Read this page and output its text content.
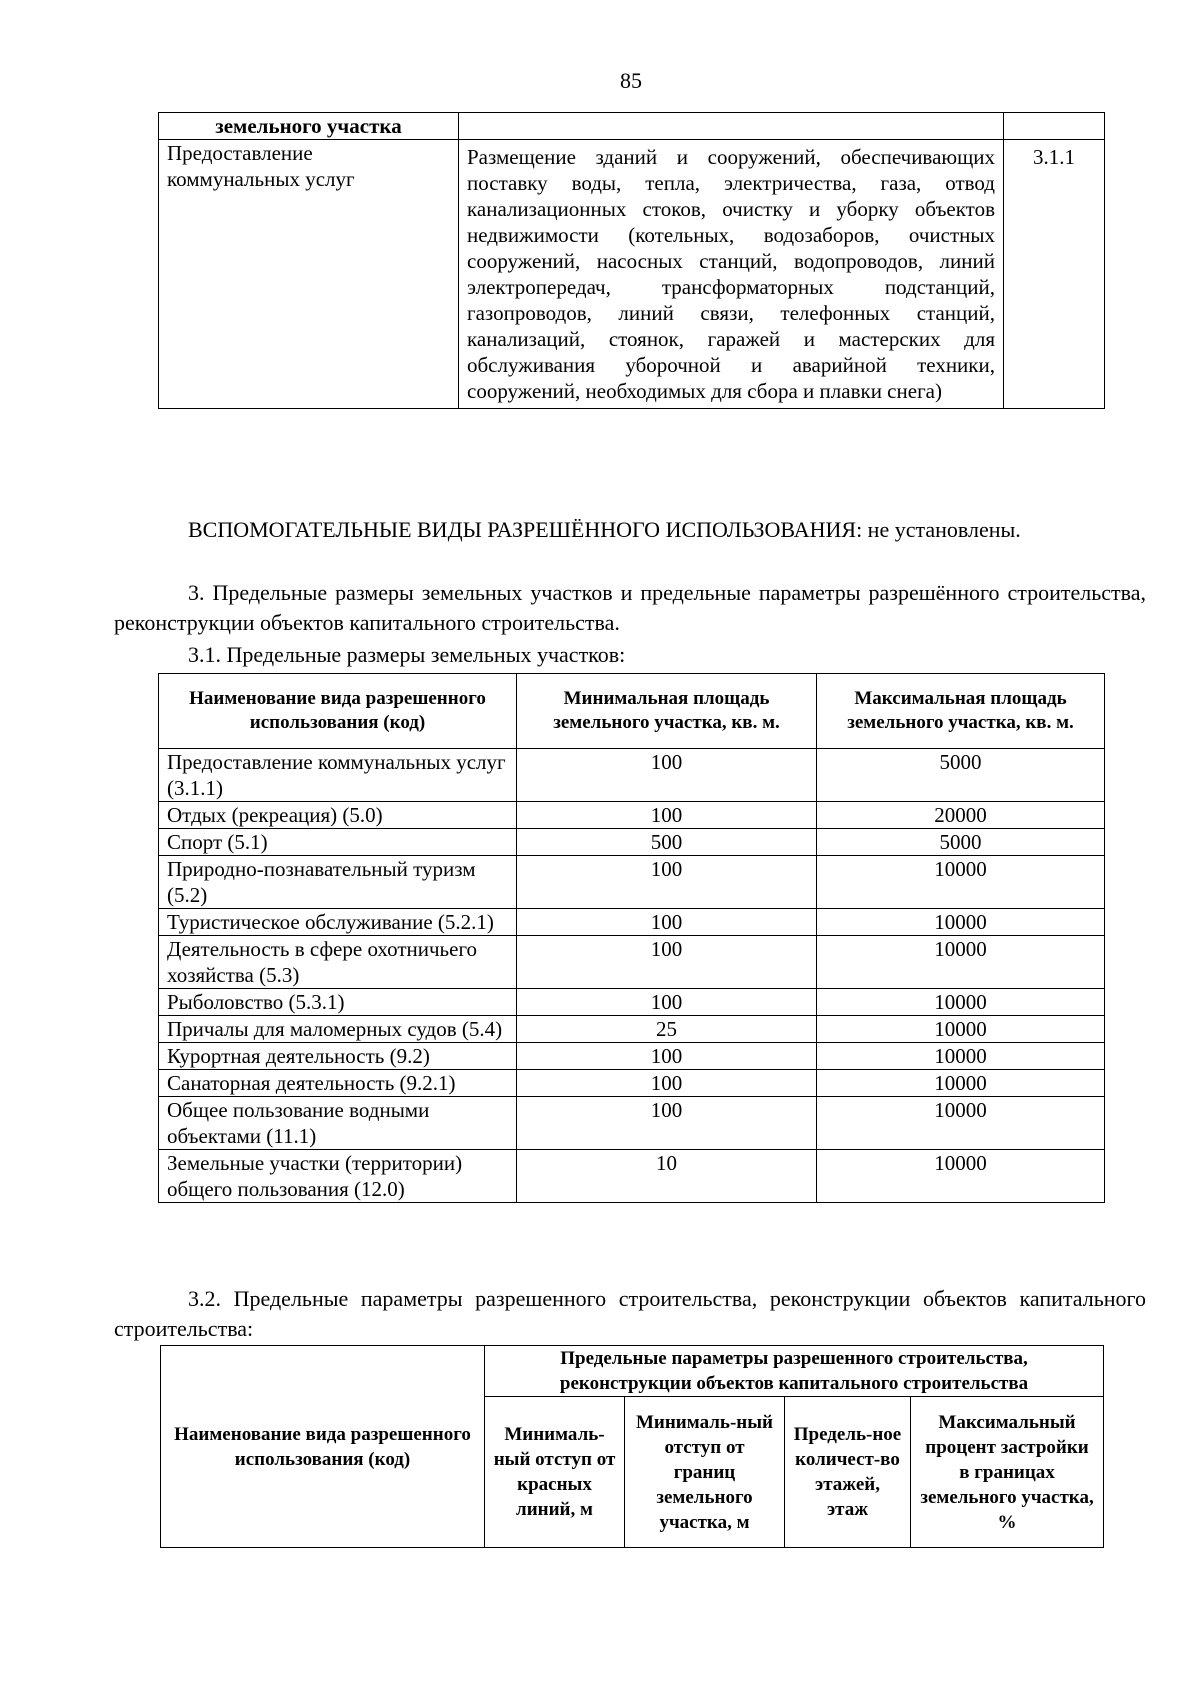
85
земельного участка		
Предоставление коммунальных услуг	Размещение зданий и сооружений, обеспечивающих поставку воды, тепла, электричества, газа, отвод канализационных стоков, очистку и уборку объектов недвижимости (котельных, водозаборов, очистных сооружений, насосных станций, водопроводов, линий электропередач, трансформаторных подстанций, газопроводов, линий связи, телефонных станций, канализаций, стоянок, гаражей и мастерских для обслуживания уборочной и аварийной техники, сооружений, необходимых для сбора и плавки снега)	3.1.1

ВСПОМОГАТЕЛЬНЫЕ ВИДЫ РАЗРЕШЁННОГО ИСПОЛЬЗОВАНИЯ: не установлены.

3. Предельные размеры земельных участков и предельные параметры разрешённого строительства, реконструкции объектов капитального строительства.

3.1. Предельные размеры земельных участков:

Наименование вида разрешенного использования (код)	Минимальная площадь земельного участка, кв. м.	Максимальная площадь земельного участка, кв. м.
Предоставление коммунальных услуг (3.1.1)	100	5000
Отдых (рекреация) (5.0)	100	20000
Спорт (5.1)	500	5000
Природно-познавательный туризм (5.2)	100	10000
Туристическое обслуживание (5.2.1)	100	10000
Деятельность в сфере охотничьего хозяйства (5.3)	100	10000
Рыболовство (5.3.1)	100	10000
Причалы для маломерных судов (5.4)	25	10000
Курортная деятельность (9.2)	100	10000
Санаторная деятельность (9.2.1)	100	10000
Общее пользование водными объектами (11.1)	100	10000
Земельные участки (территории) общего пользования (12.0)	10	10000

3.2. Предельные параметры разрешенного строительства, реконструкции объектов капитального строительства:

Наименование вида разрешенного использования (код)	Предельные параметры разрешенного строительства, реконструкции объектов капитального строительства			
	Минималь-ный отступ от красных линий, м	Минималь-ный отступ от границ земельного участка, м	Предель-ное количест-во этажей, этаж	Максимальный процент застройки в границах земельного участка, %
